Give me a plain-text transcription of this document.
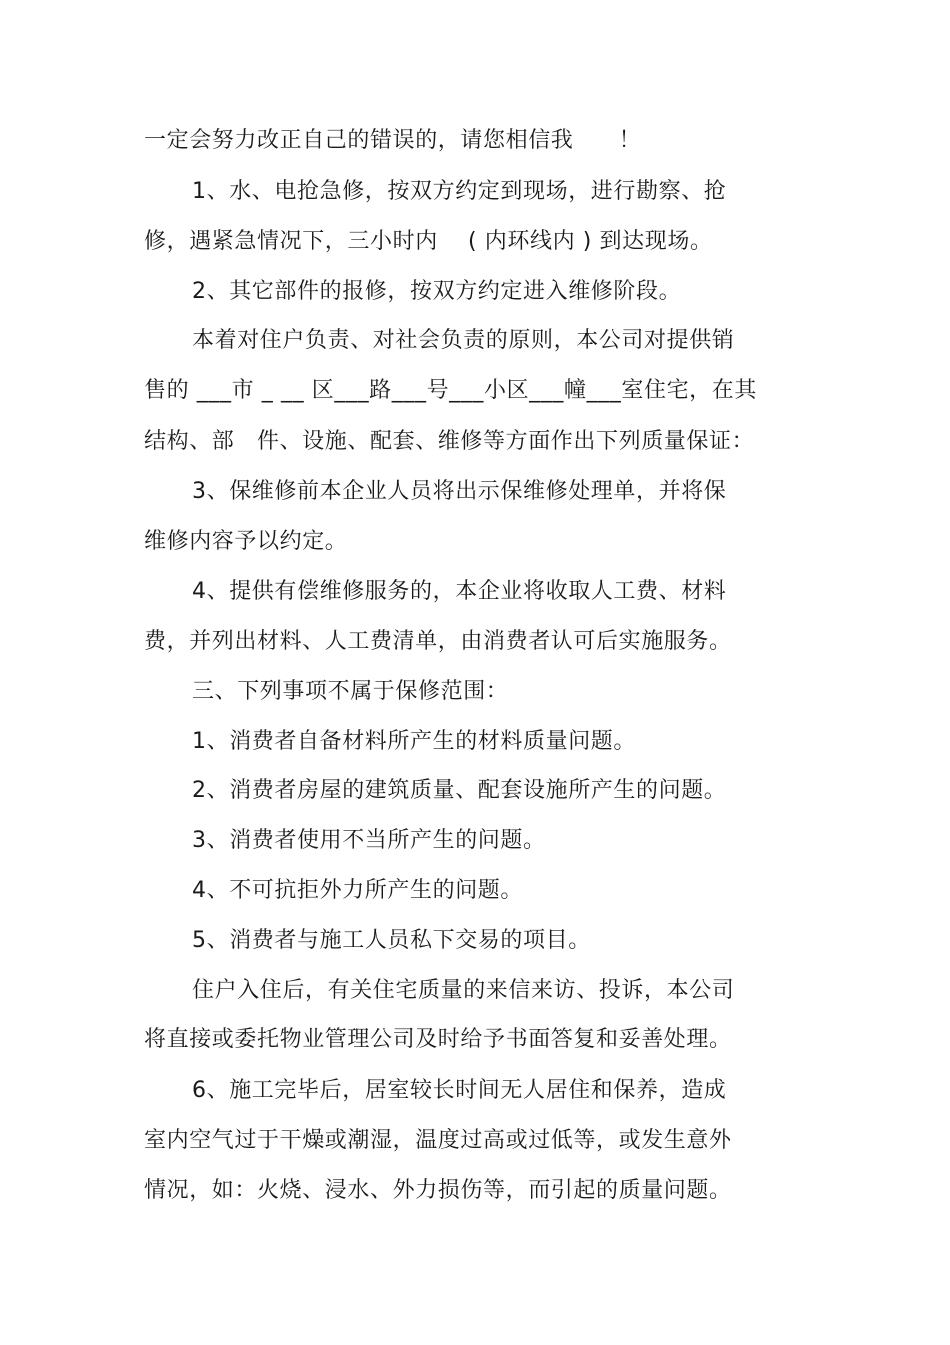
一定会努力改正自己的错误的，请您相信我　　！
1、水、电抢急修，按双方约定到现场，进行勘察、抢
修，遇紧急情况下，三小时内　 ( 内环线内 ) 到达现场。
2、其它部件的报修，按双方约定进入维修阶段。
本着对住户负责、对社会负责的原则，本公司对提供销
售的 ___市 _ __ 区___路___号___小区___幢___室住宅，在其
结构、部　件、设施、配套、维修等方面作出下列质量保证：
3、保维修前本企业人员将出示保维修处理单，并将保
维修内容予以约定。
4、提供有偿维修服务的，本企业将收取人工费、材料
费，并列出材料、人工费清单，由消费者认可后实施服务。
三、下列事项不属于保修范围：
1、消费者自备材料所产生的材料质量问题。
2、消费者房屋的建筑质量、配套设施所产生的问题。
3、消费者使用不当所产生的问题。
4、不可抗拒外力所产生的问题。
5、消费者与施工人员私下交易的项目。
住户入住后，有关住宅质量的来信来访、投诉，本公司
将直接或委托物业管理公司及时给予书面答复和妥善处理。
6、施工完毕后，居室较长时间无人居住和保养，造成
室内空气过于干燥或潮湿，温度过高或过低等，或发生意外
情况，如：火烧、浸水、外力损伤等，而引起的质量问题。
